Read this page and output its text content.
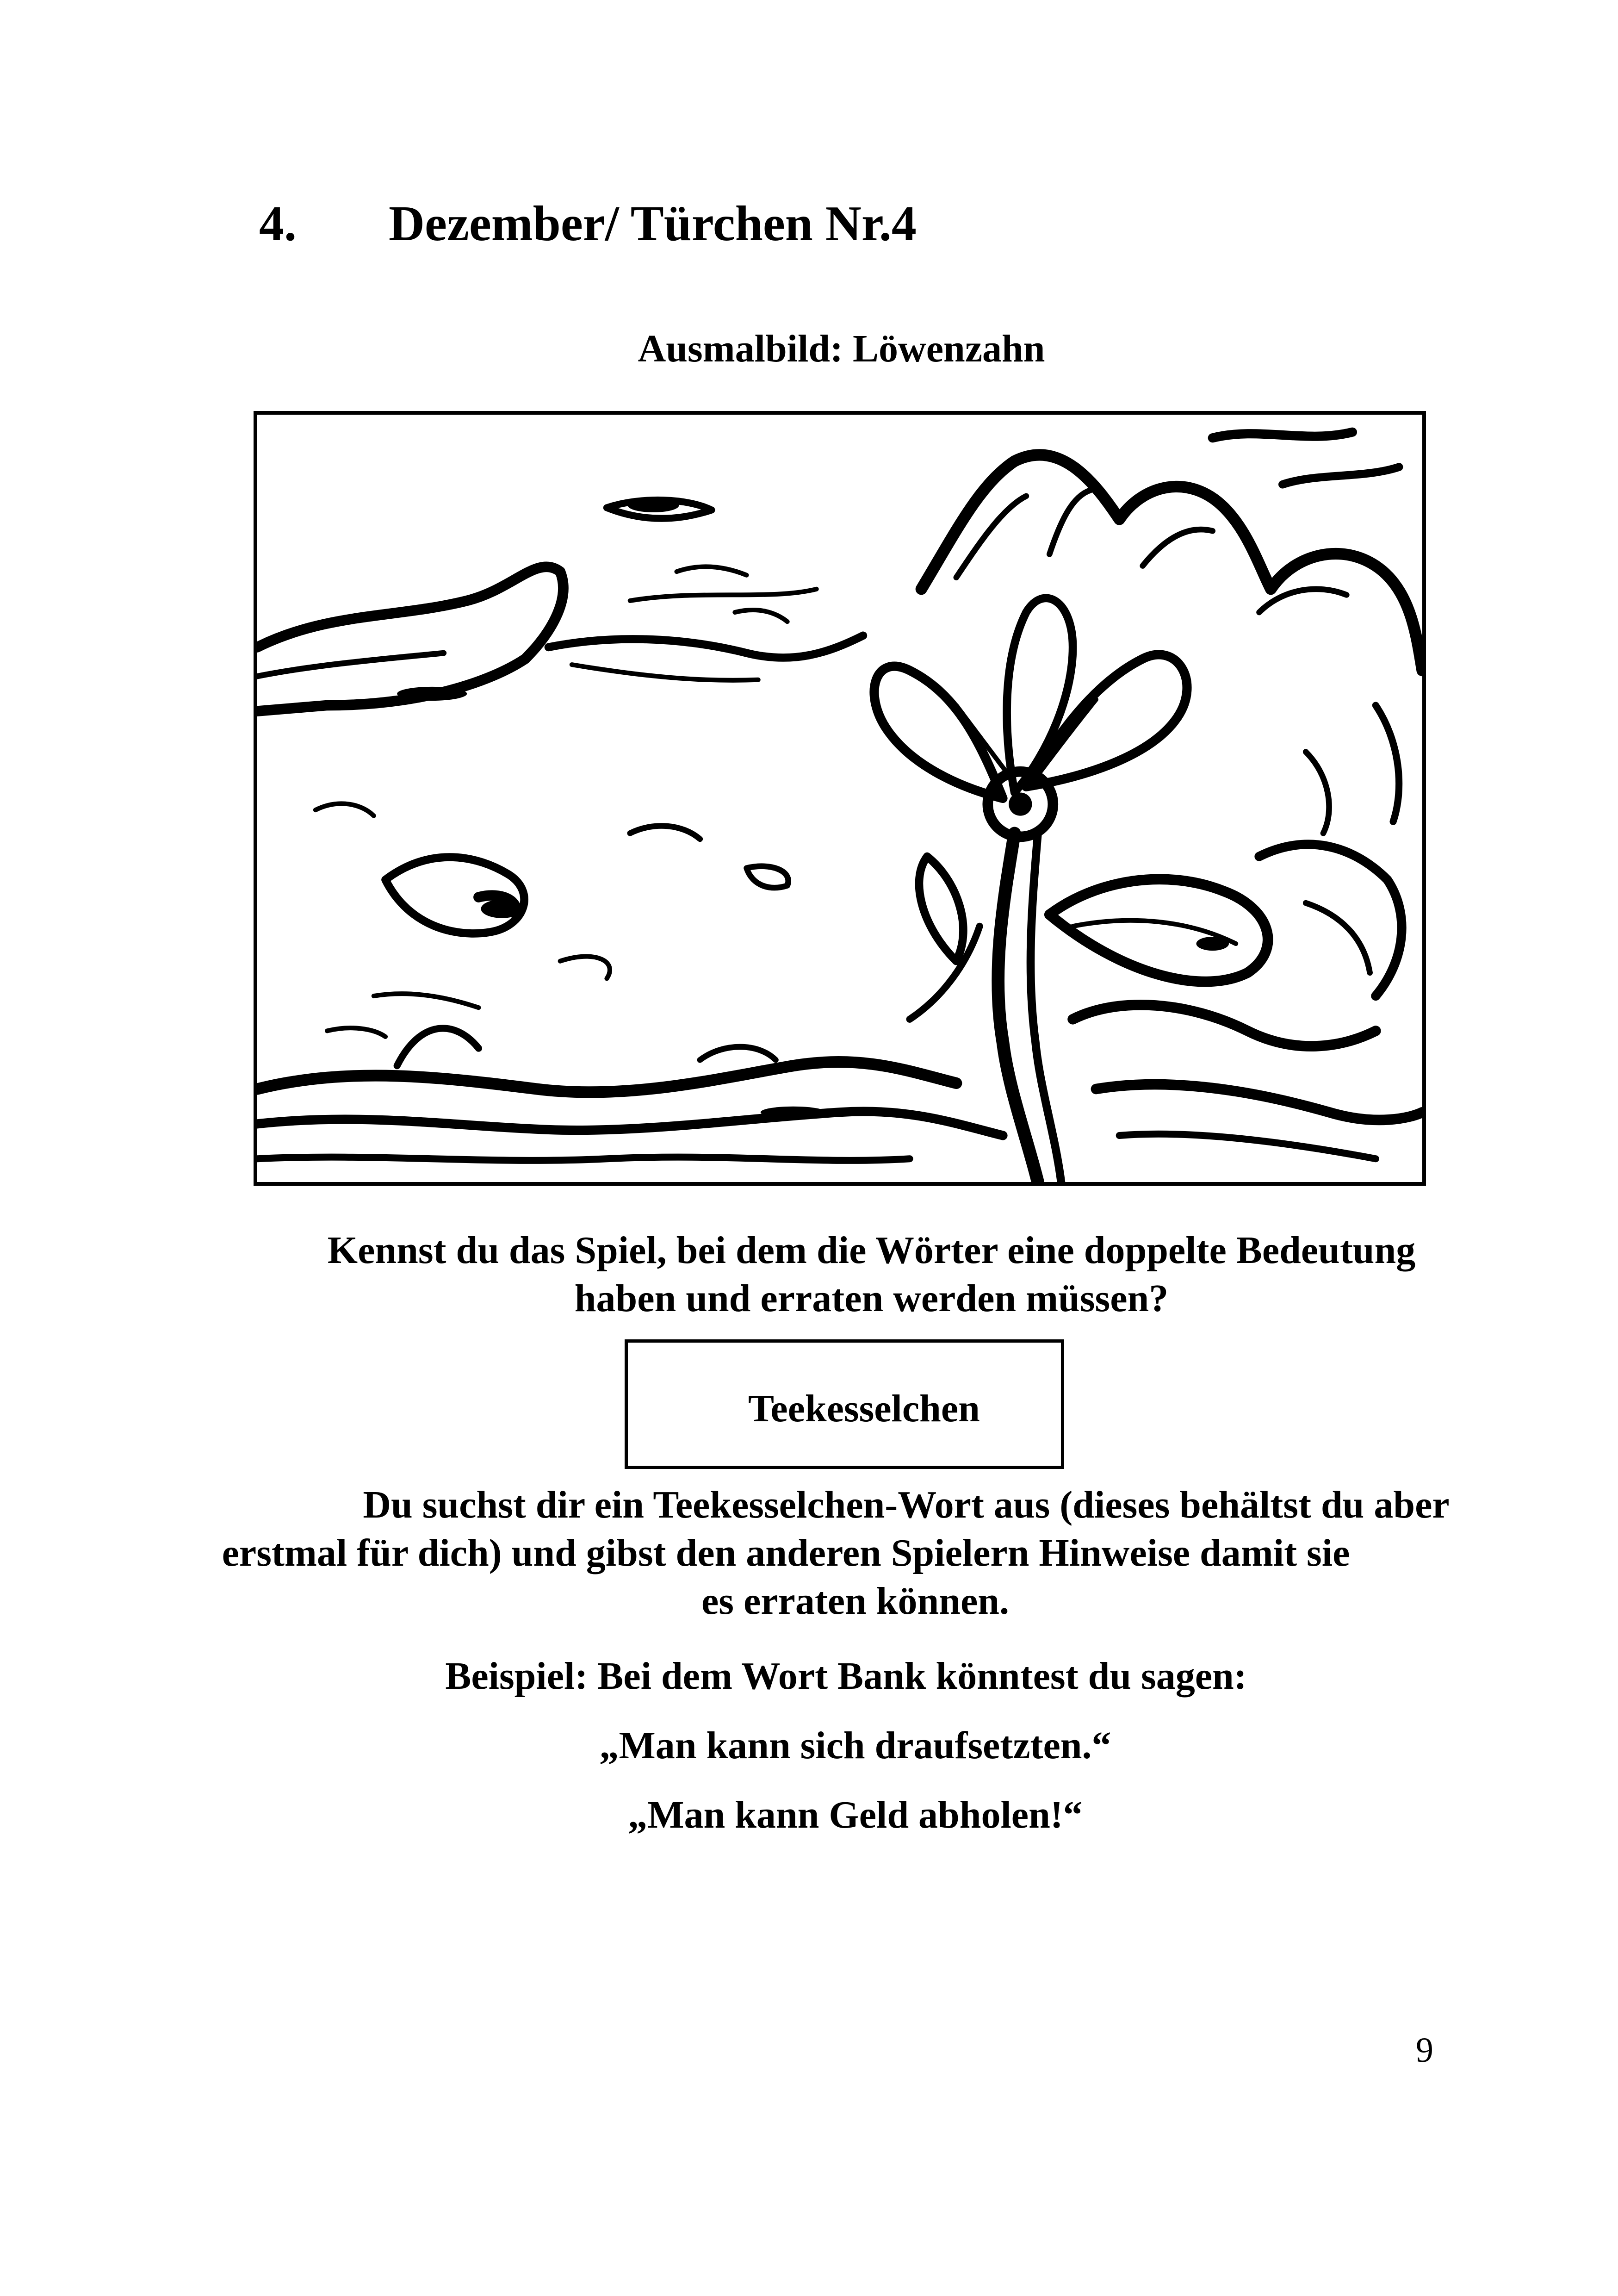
4. Dezember/ Türchen Nr.4
Ausmalbild: Löwenzahn
Kennst du das Spiel, bei dem die Wörter eine doppelte Bedeutung
haben und erraten werden müssen?
Teekesselchen
Du suchst dir ein Teekesselchen-Wort aus (dieses behältst du aber
erstmal für dich) und gibst den anderen Spielern Hinweise damit sie
es erraten können.
Beispiel: Bei dem Wort Bank könntest du sagen:
„Man kann sich draufsetzten.“
„Man kann Geld abholen!“
9
